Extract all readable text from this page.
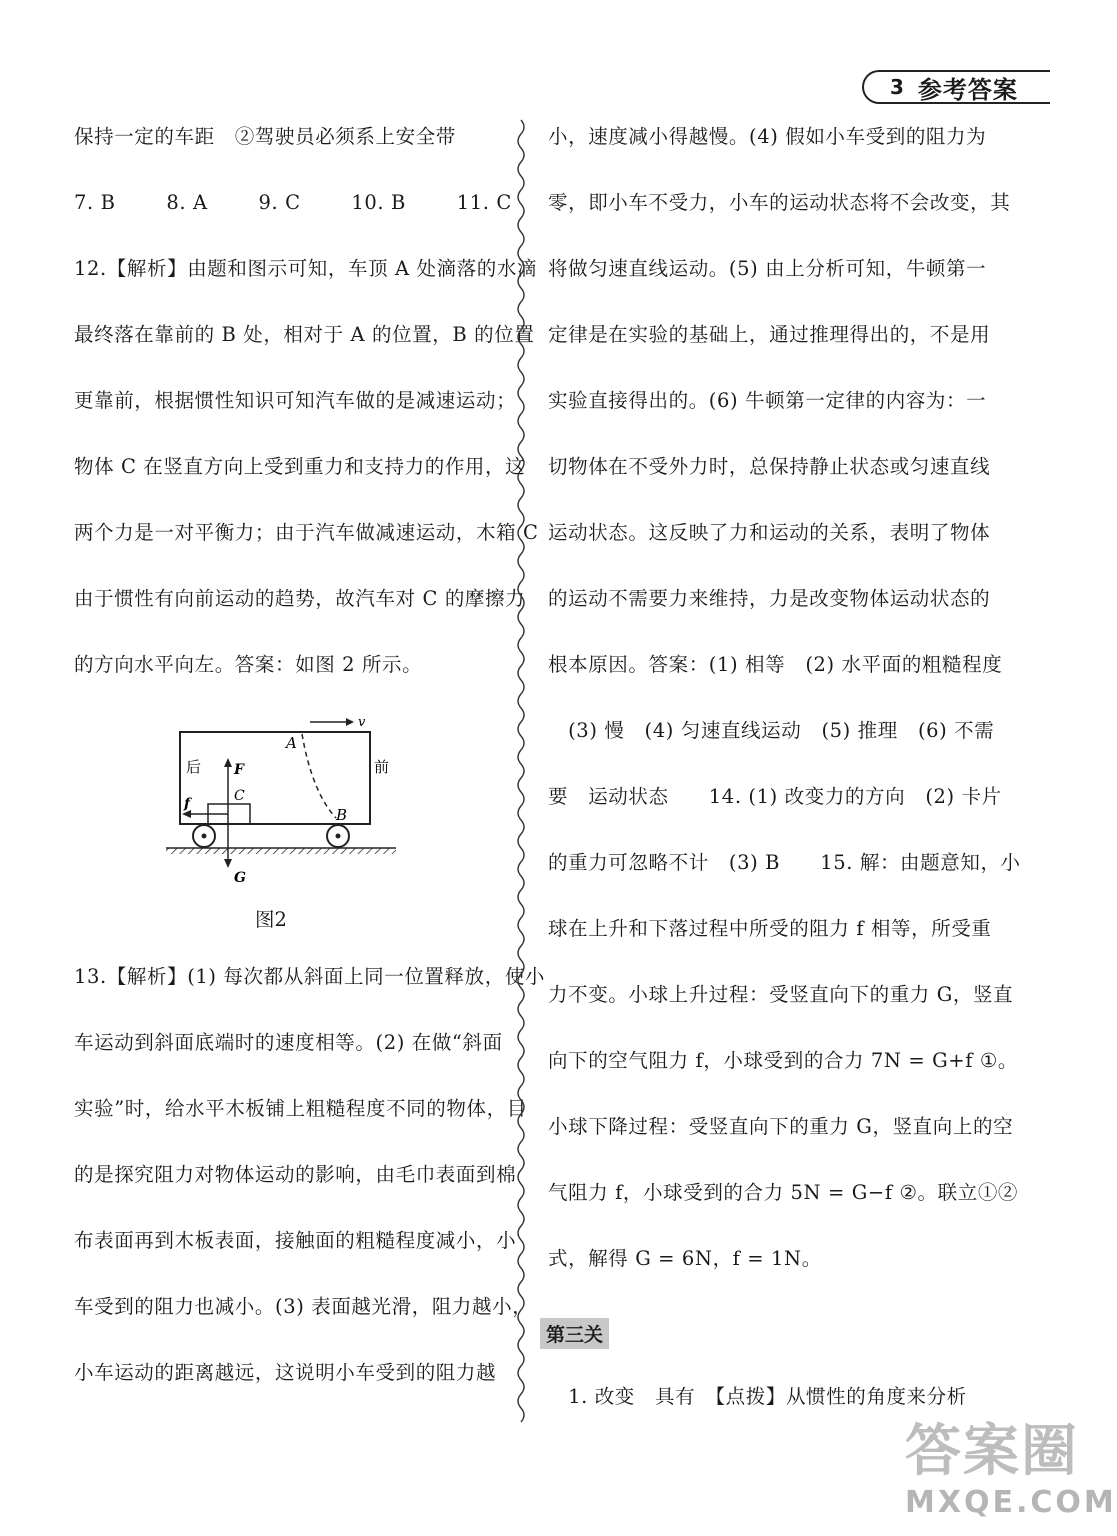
3 参考答案
保持一定的车距　②驾驶员必须系上安全带
7. B	8. A	9. C	10. B	11. C
12.【解析】由题和图示可知，车顶 A 处滴落的水滴
最终落在靠前的 B 处，相对于 A 的位置，B 的位置
更靠前，根据惯性知识可知汽车做的是减速运动；
物体 C 在竖直方向上受到重力和支持力的作用，这
两个力是一对平衡力；由于汽车做减速运动，木箱 C
由于惯性有向前运动的趋势，故汽车对 C 的摩擦力
的方向水平向左。答案：如图 2 所示。
v
A
B
C
F
G
f
后	前
图2
13.【解析】(1) 每次都从斜面上同一位置释放，使小
车运动到斜面底端时的速度相等。(2) 在做“斜面
实验”时，给水平木板铺上粗糙程度不同的物体，目
的是探究阻力对物体运动的影响，由毛巾表面到棉
布表面再到木板表面，接触面的粗糙程度减小，小
车受到的阻力也减小。(3) 表面越光滑，阻力越小，
小车运动的距离越远，这说明小车受到的阻力越
小，速度减小得越慢。(4) 假如小车受到的阻力为
零，即小车不受力，小车的运动状态将不会改变，其
将做匀速直线运动。(5) 由上分析可知，牛顿第一
定律是在实验的基础上，通过推理得出的，不是用
实验直接得出的。(6) 牛顿第一定律的内容为：一
切物体在不受外力时，总保持静止状态或匀速直线
运动状态。这反映了力和运动的关系，表明了物体
的运动不需要力来维持，力是改变物体运动状态的
根本原因。答案：(1) 相等　(2) 水平面的粗糙程度
　(3) 慢　(4) 匀速直线运动　(5) 推理　(6) 不需
要　运动状态　　14. (1) 改变力的方向　(2) 卡片
的重力可忽略不计　(3) B　　15. 解：由题意知，小
球在上升和下落过程中所受的阻力 f 相等，所受重
力不变。小球上升过程：受竖直向下的重力 G，竖直
向下的空气阻力 f，小球受到的合力 7N = G+f ①。
小球下降过程：受竖直向下的重力 G，竖直向上的空
气阻力 f，小球受到的合力 5N = G−f ②。联立①②
式，解得 G = 6N，f = 1N。
第三关
　1. 改变　具有　【点拨】从惯性的角度来分析
答案圈
MXQE.COM
